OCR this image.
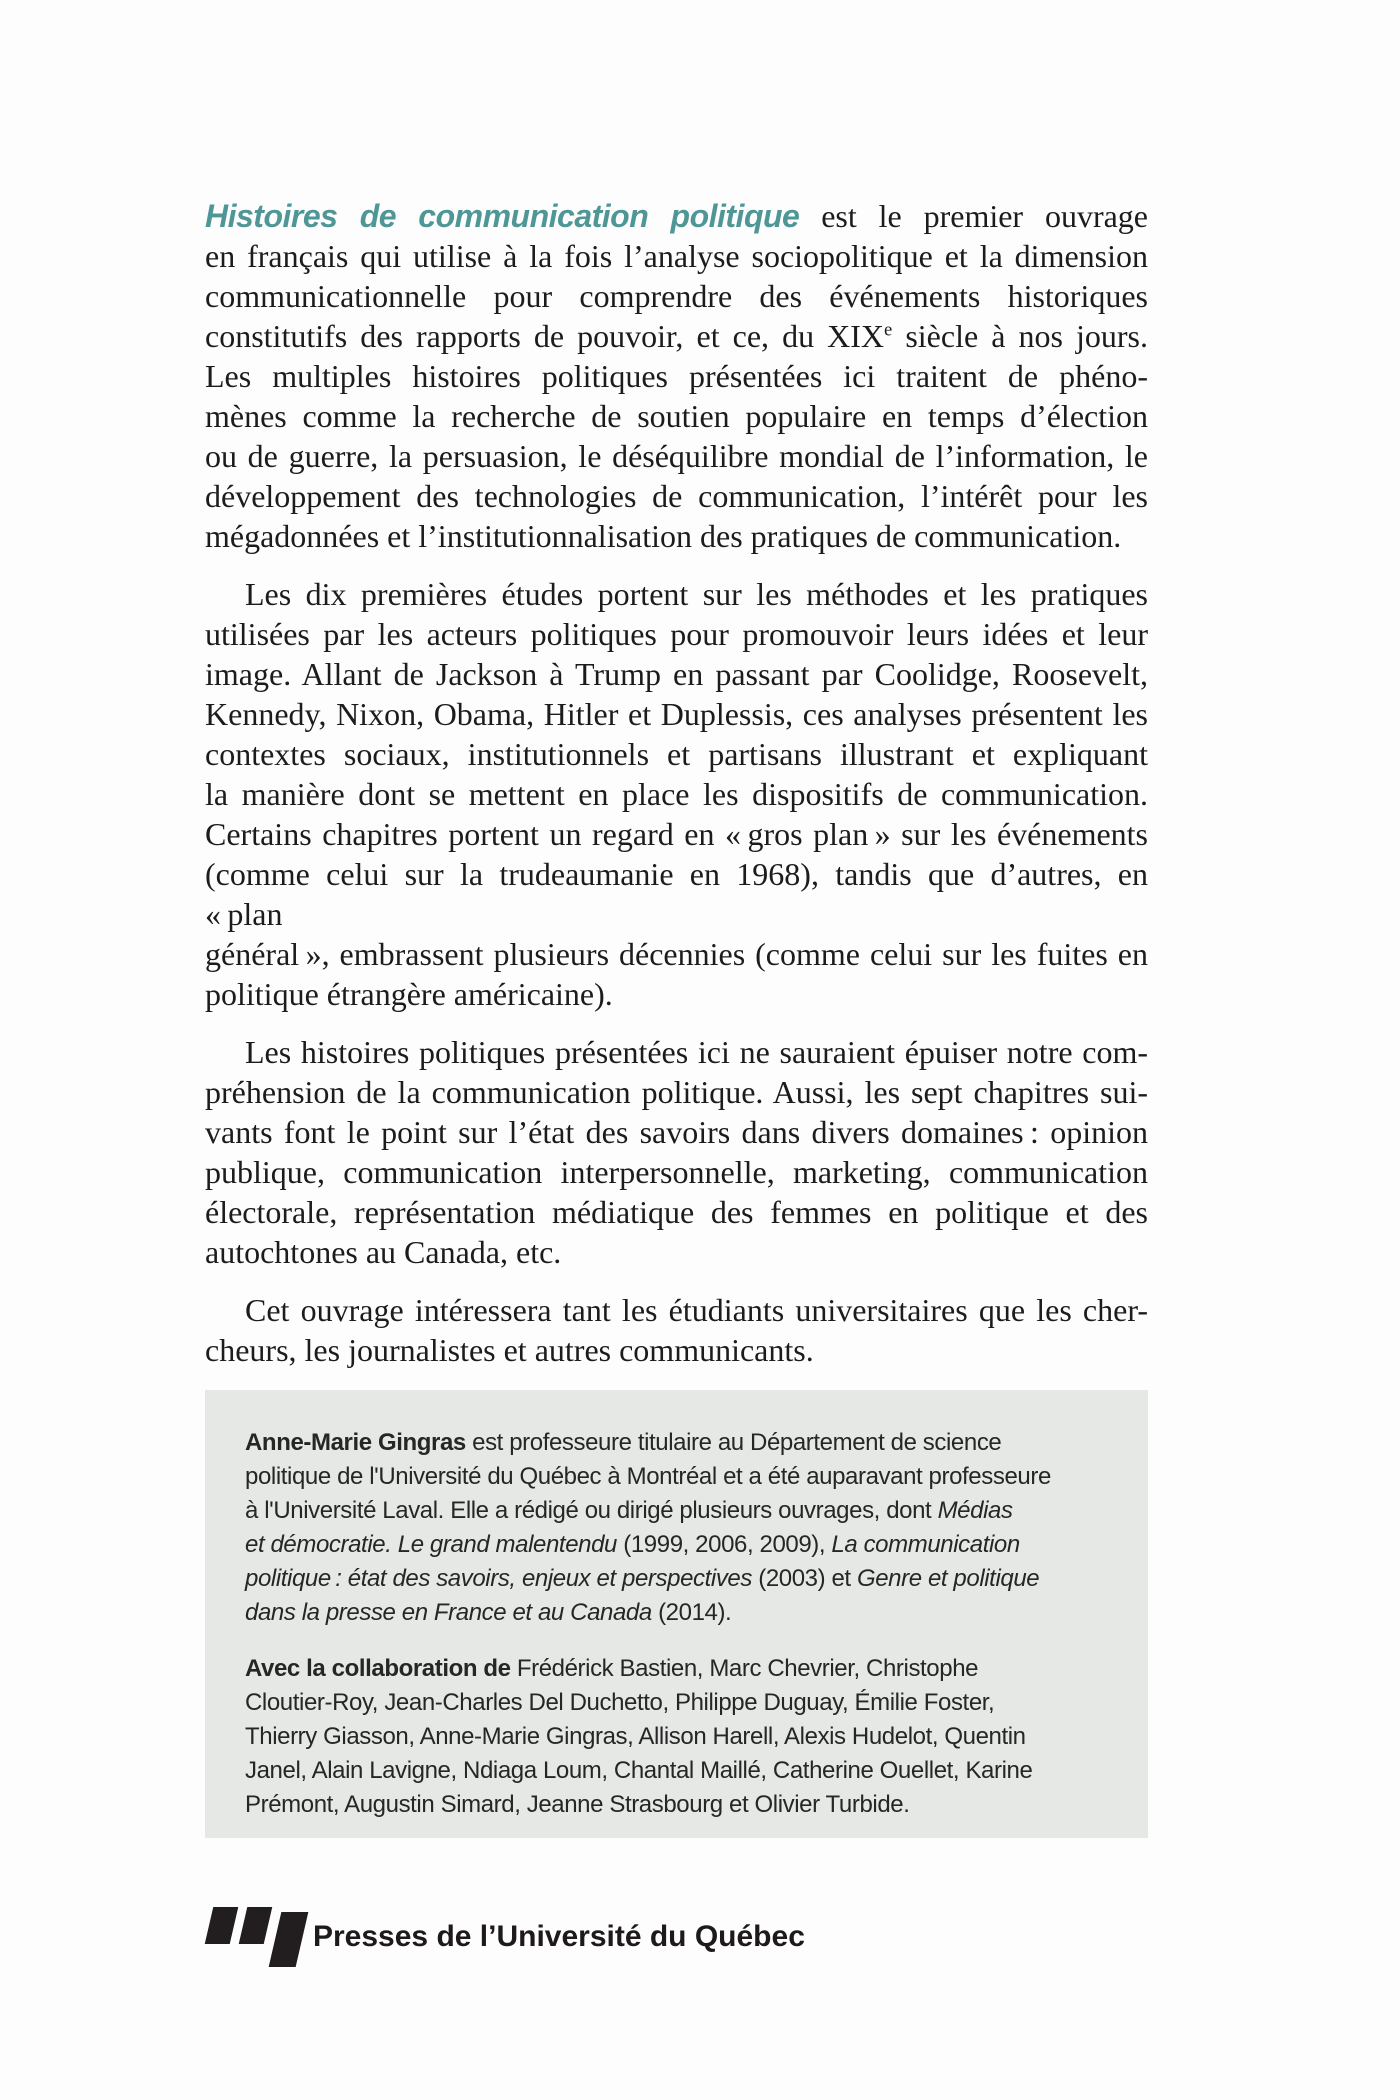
Histoires de communication politique est le premier ouvrage
en français qui utilise à la fois l’analyse sociopolitique et la dimension
communicationnelle pour comprendre des événements historiques
constitutifs des rapports de pouvoir, et ce, du XIXe siècle à nos jours.
Les multiples histoires politiques présentées ici traitent de phéno-
mènes comme la recherche de soutien populaire en temps d’élection
ou de guerre, la persuasion, le déséquilibre mondial de l’information, le
développement des technologies de communication, l’intérêt pour les
mégadonnées et l’institutionnalisation des pratiques de communication.
Les dix premières études portent sur les méthodes et les pratiques
utilisées par les acteurs politiques pour promouvoir leurs idées et leur
image. Allant de Jackson à Trump en passant par Coolidge, Roosevelt,
Kennedy, Nixon, Obama, Hitler et Duplessis, ces analyses présentent les
contextes sociaux, institutionnels et partisans illustrant et expliquant
la manière dont se mettent en place les dispositifs de communication.
Certains chapitres portent un regard en « gros plan » sur les événements
(comme celui sur la trudeaumanie en 1968), tandis que d’autres, en « plan
général », embrassent plusieurs décennies (comme celui sur les fuites en
politique étrangère américaine).
Les histoires politiques présentées ici ne sauraient épuiser notre com-
préhension de la communication politique. Aussi, les sept chapitres sui-
vants font le point sur l’état des savoirs dans divers domaines : opinion
publique, communication interpersonnelle, marketing, communication
électorale, représentation médiatique des femmes en politique et des
autochtones au Canada, etc.
Cet ouvrage intéressera tant les étudiants universitaires que les cher-
cheurs, les journalistes et autres communicants.
Anne-Marie Gingras est professeure titulaire au Département de science
politique de l'Université du Québec à Montréal et a été auparavant professeure
à l'Université Laval. Elle a rédigé ou dirigé plusieurs ouvrages, dont Médias
et démocratie. Le grand malentendu (1999, 2006, 2009), La communication
politique : état des savoirs, enjeux et perspectives (2003) et Genre et politique
dans la presse en France et au Canada (2014).
Avec la collaboration de Frédérick Bastien, Marc Chevrier, Christophe
Cloutier-Roy, Jean-Charles Del Duchetto, Philippe Duguay, Émilie Foster,
Thierry Giasson, Anne-Marie Gingras, Allison Harell, Alexis Hudelot, Quentin
Janel, Alain Lavigne, Ndiaga Loum, Chantal Maillé, Catherine Ouellet, Karine
Prémont, Augustin Simard, Jeanne Strasbourg et Olivier Turbide.
Presses de l’Université du Québec
